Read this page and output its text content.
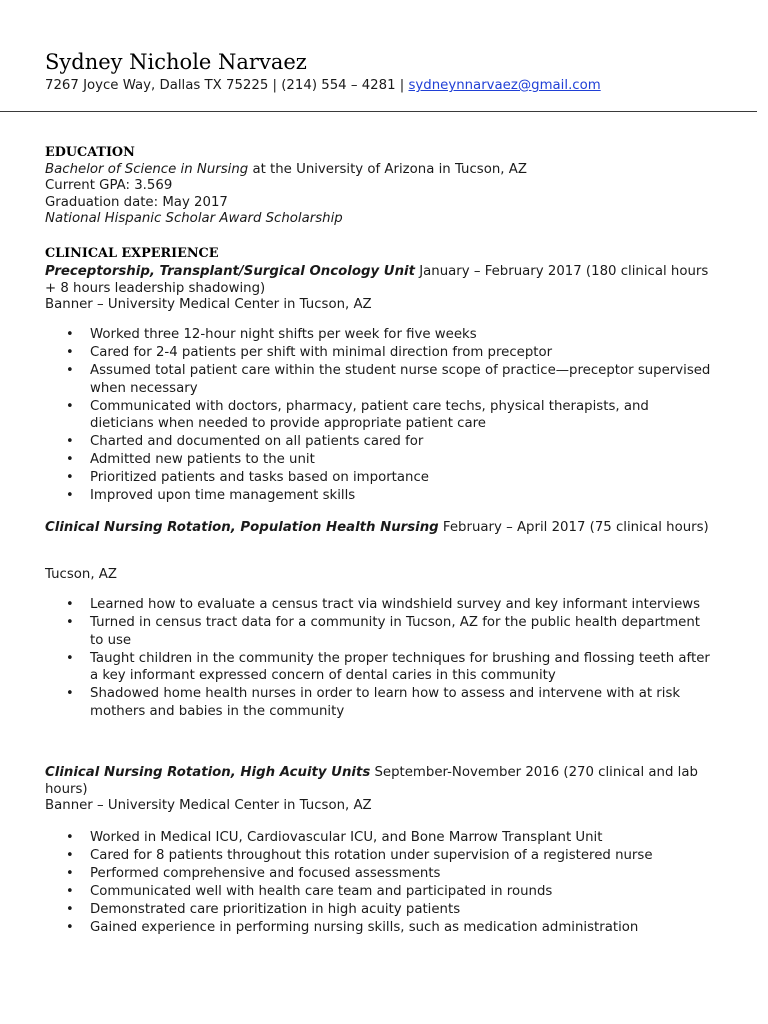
Sydney Nichole Narvaez
7267 Joyce Way, Dallas TX 75225 | (214) 554 – 4281 | sydneynnarvaez@gmail.com
EDUCATION
Bachelor of Science in Nursing at the University of Arizona in Tucson, AZ
Current GPA: 3.569
Graduation date: May 2017
National Hispanic Scholar Award Scholarship
CLINICAL EXPERIENCE
Preceptorship, Transplant/Surgical Oncology Unit January – February 2017 (180 clinical hours + 8 hours leadership shadowing)
Banner – University Medical Center in Tucson, AZ
• Worked three 12-hour night shifts per week for five weeks
• Cared for 2-4 patients per shift with minimal direction from preceptor
• Assumed total patient care within the student nurse scope of practice—preceptor supervised when necessary
• Communicated with doctors, pharmacy, patient care techs, physical therapists, and dieticians when needed to provide appropriate patient care
• Charted and documented on all patients cared for
• Admitted new patients to the unit
• Prioritized patients and tasks based on importance
• Improved upon time management skills
Clinical Nursing Rotation, Population Health Nursing February – April 2017 (75 clinical hours)
Tucson, AZ
• Learned how to evaluate a census tract via windshield survey and key informant interviews
• Turned in census tract data for a community in Tucson, AZ for the public health department to use
• Taught children in the community the proper techniques for brushing and flossing teeth after a key informant expressed concern of dental caries in this community
• Shadowed home health nurses in order to learn how to assess and intervene with at risk mothers and babies in the community
Clinical Nursing Rotation, High Acuity Units September-November 2016 (270 clinical and lab hours)
Banner – University Medical Center in Tucson, AZ
• Worked in Medical ICU, Cardiovascular ICU, and Bone Marrow Transplant Unit
• Cared for 8 patients throughout this rotation under supervision of a registered nurse
• Performed comprehensive and focused assessments
• Communicated well with health care team and participated in rounds
• Demonstrated care prioritization in high acuity patients
• Gained experience in performing nursing skills, such as medication administration
